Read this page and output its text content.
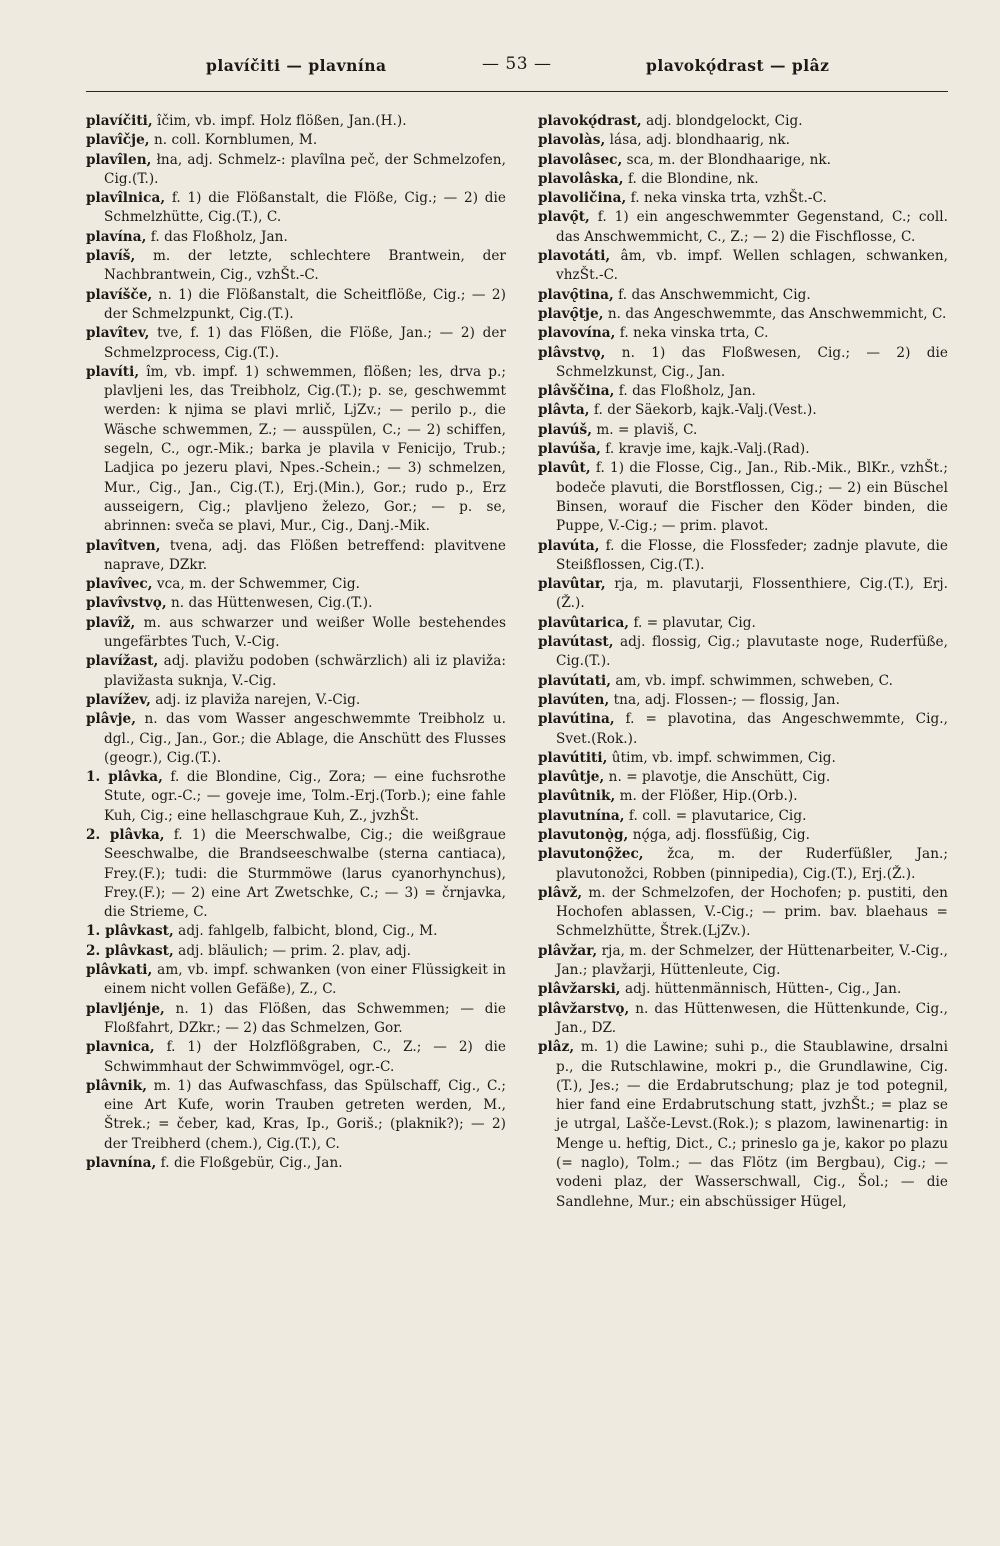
plavíčiti — plavnína	— 53 —	plavokǫ́drast — plâz

plavíčiti, îčim, vb. impf. Holz flößen, Jan.(H.).

plavîčje, n. coll. Kornblumen, M.

plavîlen, łna, adj. Schmelz-: plavîlna peč, der Schmelzofen, Cig.(T.).

plavîlnica, f. 1) die Flößanstalt, die Flöße, Cig.; — 2) die Schmelzhütte, Cig.(T.), C.

plavína, f. das Floßholz, Jan.

plavíš, m. der letzte, schlechtere Brantwein, der Nachbrantwein, Cig., vzhŠt.-C.

plavíšče, n. 1) die Flößanstalt, die Scheitflöße, Cig.; — 2) der Schmelzpunkt, Cig.(T.).

plavîtev, tve, f. 1) das Flößen, die Flöße, Jan.; — 2) der Schmelzprocess, Cig.(T.).

plavíti, îm, vb. impf. 1) schwemmen, flößen; les, drva p.; plavljeni les, das Treibholz, Cig.(T.); p. se, geschwemmt werden: k njima se plavi mrlič, LjZv.; — perilo p., die Wäsche schwemmen, Z.; — ausspülen, C.; — 2) schiffen, segeln, C., ogr.-Mik.; barka je plavila v Fenicijo, Trub.; Ladjica po jezeru plavi, Npes.-Schein.; — 3) schmelzen, Mur., Cig., Jan., Cig.(T.), Erj.(Min.), Gor.; rudo p., Erz ausseigern, Cig.; plavljeno železo, Gor.; — p. se, abrinnen: sveča se plavi, Mur., Cig., Danj.-Mik.

plavîtven, tvena, adj. das Flößen betreffend: plavitvene naprave, DZkr.

plavîvec, vca, m. der Schwemmer, Cig.

plavîvstvǫ, n. das Hüttenwesen, Cig.(T.).

plavîž, m. aus schwarzer und weißer Wolle bestehendes ungefärbtes Tuch, V.-Cig.

plavížast, adj. plavižu podoben (schwärzlich) ali iz plaviža: plavižasta suknja, V.-Cig.

plavížev, adj. iz plaviža narejen, V.-Cig.

plâvje, n. das vom Wasser angeschwemmte Treibholz u. dgl., Cig., Jan., Gor.; die Ablage, die Anschütt des Flusses (geogr.), Cig.(T.).

1. plâvka, f. die Blondine, Cig., Zora; — eine fuchsrothe Stute, ogr.-C.; — goveje ime, Tolm.-Erj.(Torb.); eine fahle Kuh, Cig.; eine hellaschgraue Kuh, Z., jvzhŠt.

2. plâvka, f. 1) die Meerschwalbe, Cig.; die weißgraue Seeschwalbe, die Brandseeschwalbe (sterna cantiaca), Frey.(F.); tudi: die Sturmmöwe (larus cyanorhynchus), Frey.(F.); — 2) eine Art Zwetschke, C.; — 3) = črnjavka, die Strieme, C.

1. plâvkast, adj. fahlgelb, falbicht, blond, Cig., M.

2. plâvkast, adj. bläulich; — prim. 2. plav, adj.

plâvkati, am, vb. impf. schwanken (von einer Flüssigkeit in einem nicht vollen Gefäße), Z., C.

plavljénje, n. 1) das Flößen, das Schwemmen; — die Floßfahrt, DZkr.; — 2) das Schmelzen, Gor.

plavnica, f. 1) der Holzflößgraben, C., Z.; — 2) die Schwimmhaut der Schwimmvögel, ogr.-C.

plâvnik, m. 1) das Aufwaschfass, das Spülschaff, Cig., C.; eine Art Kufe, worin Trauben getreten werden, M., Štrek.; = čeber, kad, Kras, Ip., Goriš.; (plaknik?); — 2) der Treibherd (chem.), Cig.(T.), C.

plavnína, f. die Floßgebür, Cig., Jan.

plavokǫ́drast, adj. blondgelockt, Cig.

plavolàs, lása, adj. blondhaarig, nk.

plavolâsec, sca, m. der Blondhaarige, nk.

plavolâska, f. die Blondine, nk.

plavoličina, f. neka vinska trta, vzhŠt.-C.

plavǫ̑t, f. 1) ein angeschwemmter Gegenstand, C.; coll. das Anschwemmicht, C., Z.; — 2) die Fischflosse, C.

plavotáti, âm, vb. impf. Wellen schlagen, schwanken, vhzŠt.-C.

plavǫ̑tina, f. das Anschwemmicht, Cig.

plavǫ̑tje, n. das Angeschwemmte, das Anschwemmicht, C.

plavovína, f. neka vinska trta, C.

plâvstvǫ, n. 1) das Floßwesen, Cig.; — 2) die Schmelzkunst, Cig., Jan.

plâvščina, f. das Floßholz, Jan.

plâvta, f. der Säekorb, kajk.-Valj.(Vest.).

plavúš, m. = plaviš, C.

plavúša, f. kravje ime, kajk.-Valj.(Rad).

plavût, f. 1) die Flosse, Cig., Jan., Rib.-Mik., BlKr., vzhŠt.; bodeče plavuti, die Borstflossen, Cig.; — 2) ein Büschel Binsen, worauf die Fischer den Köder binden, die Puppe, V.-Cig.; — prim. plavot.

plavúta, f. die Flosse, die Flossfeder; zadnje plavute, die Steißflossen, Cig.(T.).

plavûtar, rja, m. plavutarji, Flossenthiere, Cig.(T.), Erj.(Ž.).

plavûtarica, f. = plavutar, Cig.

plavútast, adj. flossig, Cig.; plavutaste noge, Ruderfüße, Cig.(T.).

plavútati, am, vb. impf. schwimmen, schweben, C.

plavúten, tna, adj. Flossen-; — flossig, Jan.

plavútina, f. = plavotina, das Angeschwemmte, Cig., Svet.(Rok.).

plavútiti, ûtim, vb. impf. schwimmen, Cig.

plavûtje, n. = plavotje, die Anschütt, Cig.

plavûtnik, m. der Flößer, Hip.(Orb.).

plavutnína, f. coll. = plavutarice, Cig.

plavutonǫ̀g, nǫ́ga, adj. flossfüßig, Cig.

plavutonǫ̑žec, žca, m. der Ruderfüßler, Jan.; plavutonožci, Robben (pinnipedia), Cig.(T.), Erj.(Ž.).

plâvž, m. der Schmelzofen, der Hochofen; p. pustiti, den Hochofen ablassen, V.-Cig.; — prim. bav. blaehaus = Schmelzhütte, Štrek.(LjZv.).

plâvžar, rja, m. der Schmelzer, der Hüttenarbeiter, V.-Cig., Jan.; plavžarji, Hüttenleute, Cig.

plâvžarski, adj. hüttenmännisch, Hütten-, Cig., Jan.

plâvžarstvǫ, n. das Hüttenwesen, die Hüttenkunde, Cig., Jan., DZ.

plâz, m. 1) die Lawine; suhi p., die Staublawine, drsalni p., die Rutschlawine, mokri p., die Grundlawine, Cig.(T.), Jes.; — die Erdabrutschung; plaz je tod potegnil, hier fand eine Erdabrutschung statt, jvzhŠt.; = plaz se je utrgal, Lašče-Levst.(Rok.); s plazom, lawinenartig: in Menge u. heftig, Dict., C.; prineslo ga je, kakor po plazu (= naglo), Tolm.; — das Flötz (im Bergbau), Cig.; — vodeni plaz, der Wasserschwall, Cig., Šol.; — die Sandlehne, Mur.; ein abschüssiger Hügel,
